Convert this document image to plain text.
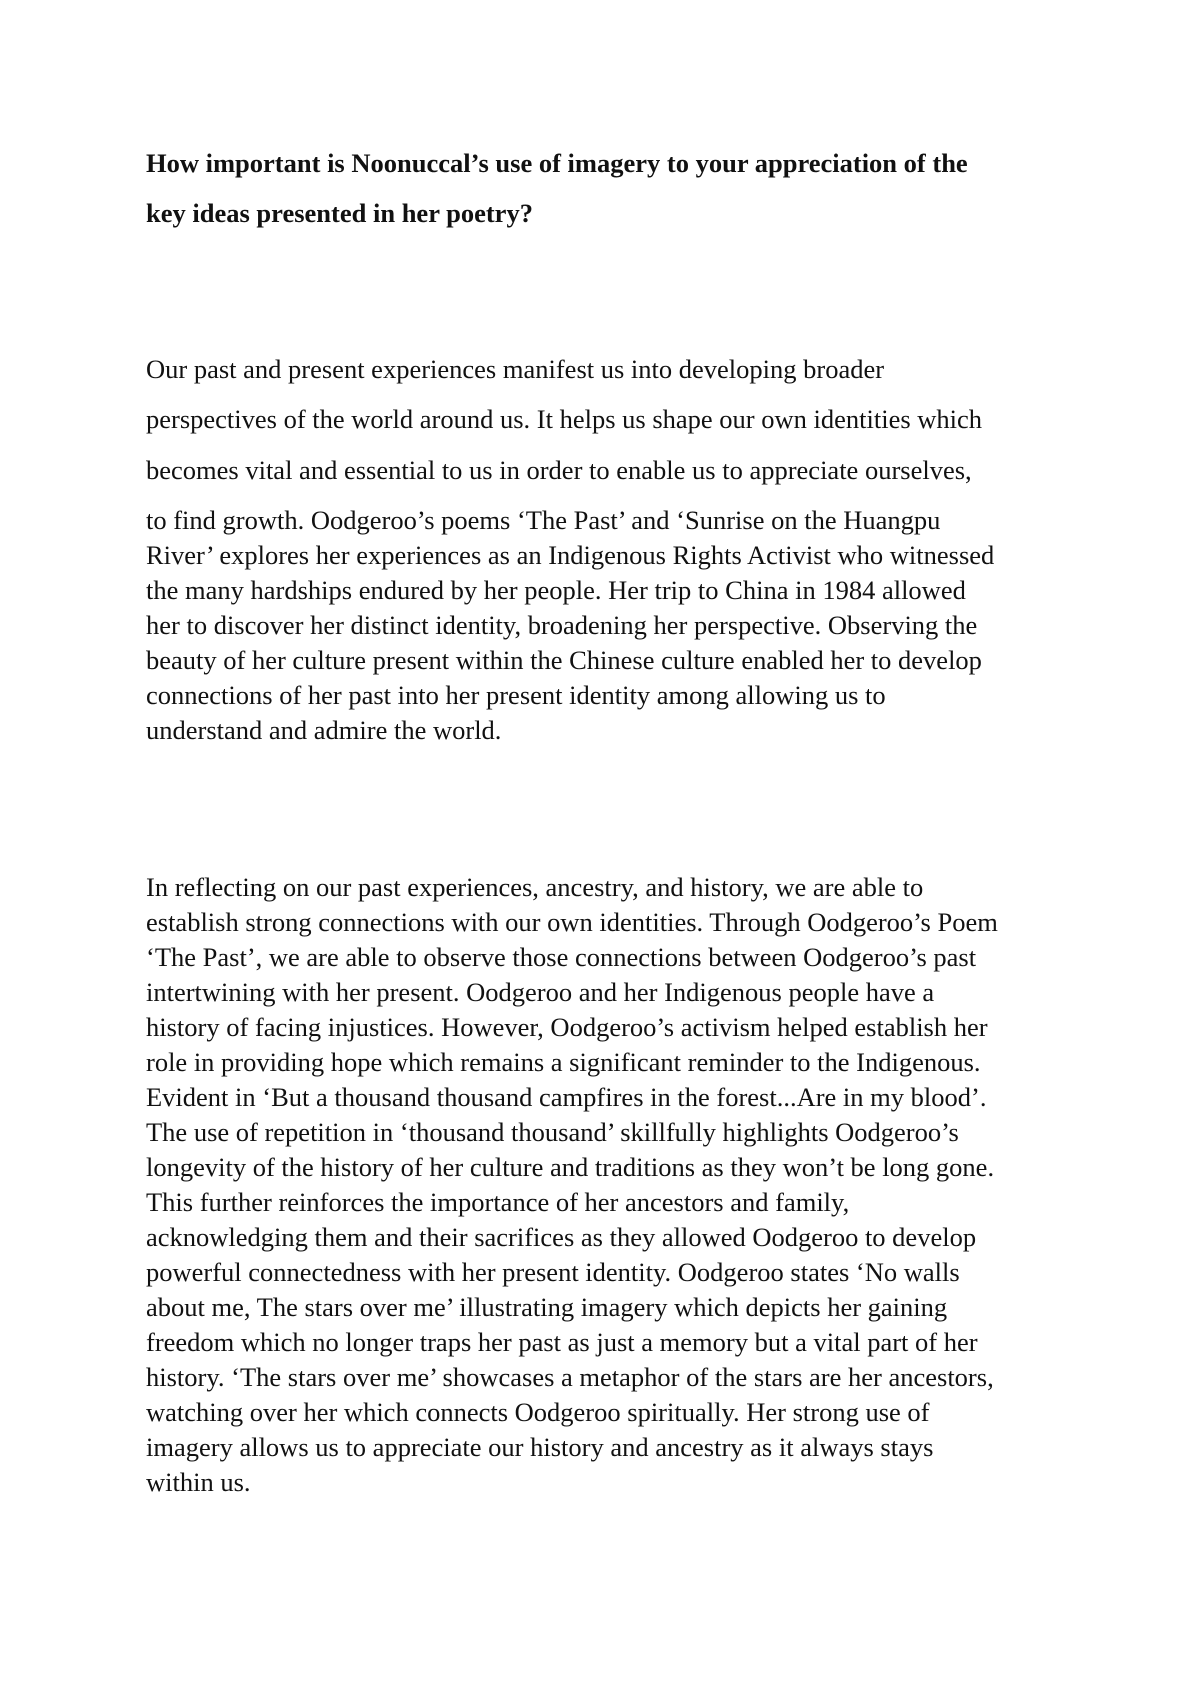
How important is Noonuccal’s use of imagery to your appreciation of the
key ideas presented in her poetry?
Our past and present experiences manifest us into developing broader
perspectives of the world around us. It helps us shape our own identities which
becomes vital and essential to us in order to enable us to appreciate ourselves,
to find growth. Oodgeroo’s poems ‘The Past’ and ‘Sunrise on the Huangpu
River’ explores her experiences as an Indigenous Rights Activist who witnessed
the many hardships endured by her people. Her trip to China in 1984 allowed
her to discover her distinct identity, broadening her perspective. Observing the
beauty of her culture present within the Chinese culture enabled her to develop
connections of her past into her present identity among allowing us to
understand and admire the world.
In reflecting on our past experiences, ancestry, and history, we are able to
establish strong connections with our own identities. Through Oodgeroo’s Poem
‘The Past’, we are able to observe those connections between Oodgeroo’s past
intertwining with her present. Oodgeroo and her Indigenous people have a
history of facing injustices. However, Oodgeroo’s activism helped establish her
role in providing hope which remains a significant reminder to the Indigenous.
Evident in ‘But a thousand thousand campfires in the forest...Are in my blood’.
The use of repetition in ‘thousand thousand’ skillfully highlights Oodgeroo’s
longevity of the history of her culture and traditions as they won’t be long gone.
This further reinforces the importance of her ancestors and family,
acknowledging them and their sacrifices as they allowed Oodgeroo to develop
powerful connectedness with her present identity. Oodgeroo states ‘No walls
about me, The stars over me’ illustrating imagery which depicts her gaining
freedom which no longer traps her past as just a memory but a vital part of her
history. ‘The stars over me’ showcases a metaphor of the stars are her ancestors,
watching over her which connects Oodgeroo spiritually. Her strong use of
imagery allows us to appreciate our history and ancestry as it always stays
within us.
